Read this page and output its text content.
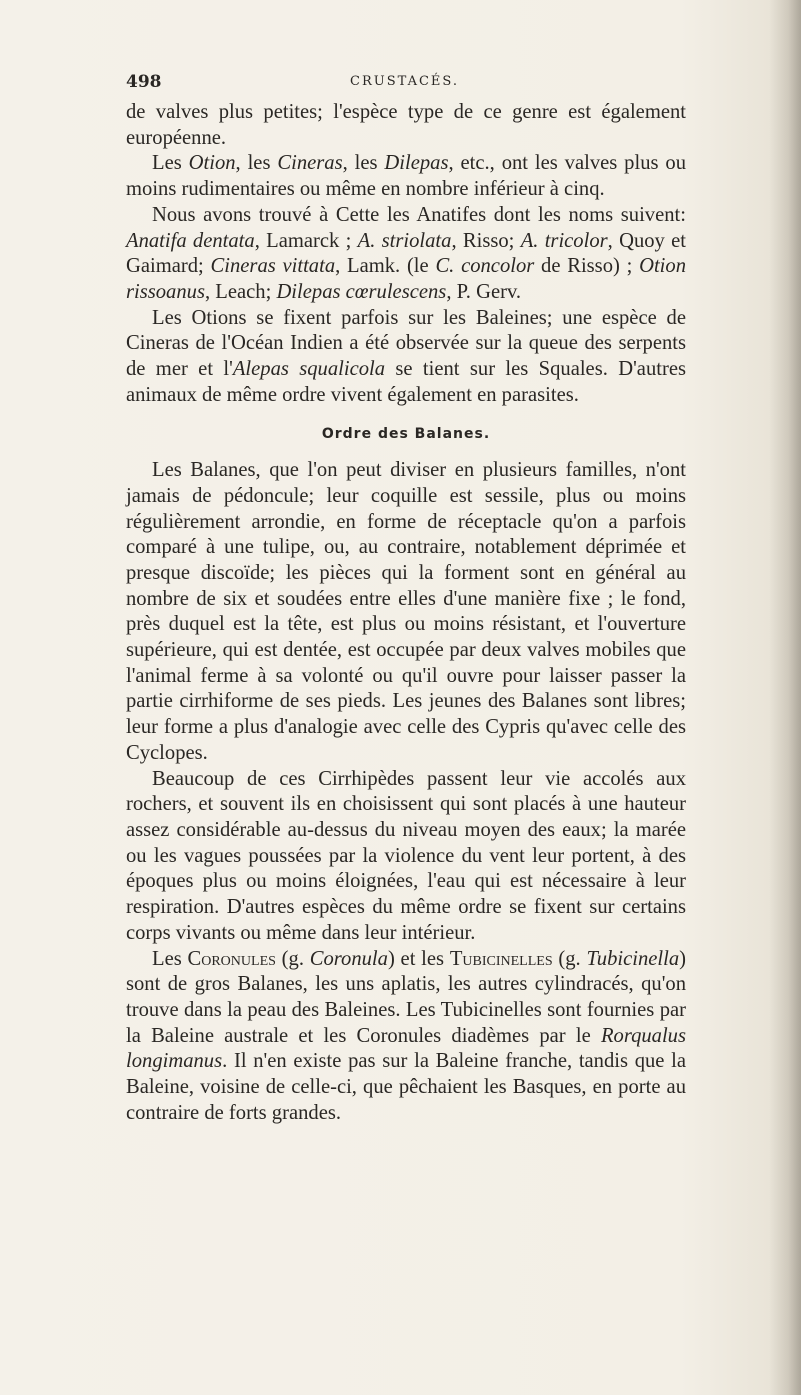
498	CRUSTACÉS.

de valves plus petites; l'espèce type de ce genre est également européenne.

Les Otion, les Cineras, les Dilepas, etc., ont les valves plus ou moins rudimentaires ou même en nombre inférieur à cinq.

Nous avons trouvé à Cette les Anatifes dont les noms suivent: Anatifa dentata, Lamarck ; A. striolata, Risso; A. tricolor, Quoy et Gaimard; Cineras vittata, Lamk. (le C. concolor de Risso) ; Otion rissoanus, Leach; Dilepas cœrulescens, P. Gerv.

Les Otions se fixent parfois sur les Baleines; une espèce de Cineras de l'Océan Indien a été observée sur la queue des serpents de mer et l'Alepas squalicola se tient sur les Squales. D'autres animaux de même ordre vivent également en parasites.

Ordre des Balanes.

Les Balanes, que l'on peut diviser en plusieurs familles, n'ont jamais de pédoncule; leur coquille est sessile, plus ou moins régulièrement arrondie, en forme de réceptacle qu'on a parfois comparé à une tulipe, ou, au contraire, notablement déprimée et presque discoïde; les pièces qui la forment sont en général au nombre de six et soudées entre elles d'une manière fixe ; le fond, près duquel est la tête, est plus ou moins résistant, et l'ouverture supérieure, qui est dentée, est occupée par deux valves mobiles que l'animal ferme à sa volonté ou qu'il ouvre pour laisser passer la partie cirrhiforme de ses pieds. Les jeunes des Balanes sont libres; leur forme a plus d'analogie avec celle des Cypris qu'avec celle des Cyclopes.

Beaucoup de ces Cirrhipèdes passent leur vie accolés aux rochers, et souvent ils en choisissent qui sont placés à une hauteur assez considérable au-dessus du niveau moyen des eaux; la marée ou les vagues poussées par la violence du vent leur portent, à des époques plus ou moins éloignées, l'eau qui est nécessaire à leur respiration. D'autres espèces du même ordre se fixent sur certains corps vivants ou même dans leur intérieur.

Les Coronules (g. Coronula) et les Tubicinelles (g. Tubicinella) sont de gros Balanes, les uns aplatis, les autres cylindracés, qu'on trouve dans la peau des Baleines. Les Tubicinelles sont fournies par la Baleine australe et les Coronules diadèmes par le Rorqualus longimanus. Il n'en existe pas sur la Baleine franche, tandis que la Baleine, voisine de celle-ci, que pêchaient les Basques, en porte au contraire de forts grandes.
